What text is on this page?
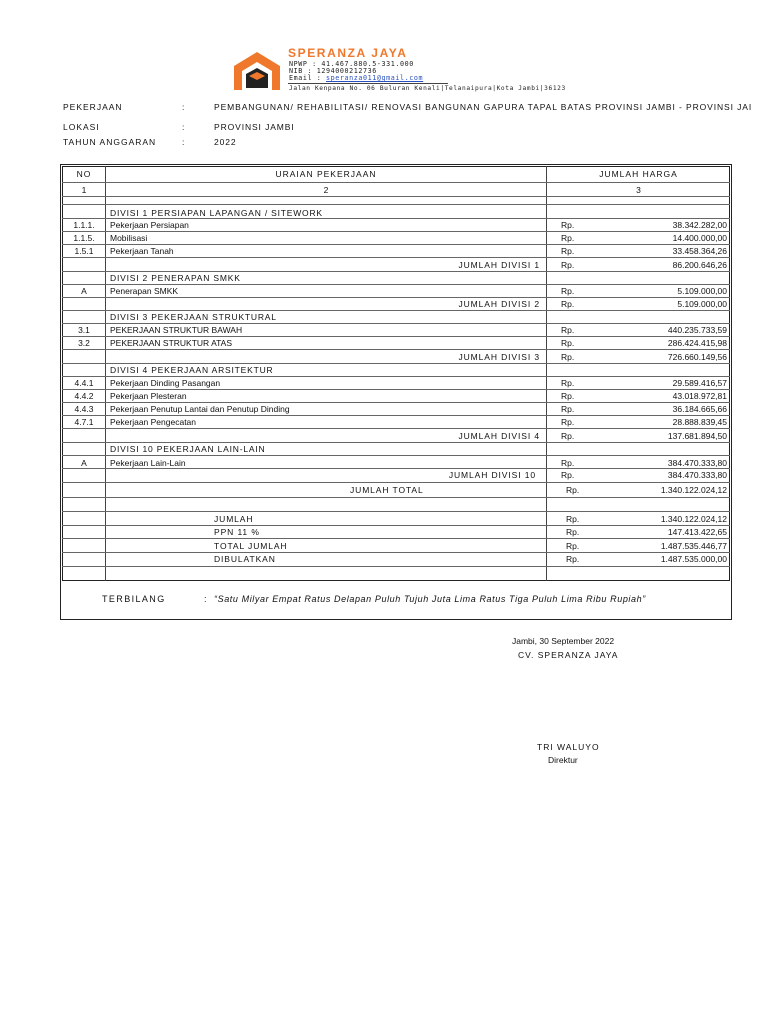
SPERANZA JAYA
NPWP : 41.467.880.5-331.000
NIB : 1294000212736
Email : speranza011@gmail.com
Jalan Kenpana No. 06 Buluran Kenali|Telanaipura|Kota Jambi|36123
PEKERJAAN	:	PEMBANGUNAN/ REHABILITASI/ RENOVASI BANGUNAN GAPURA TAPAL BATAS PROVINSI JAMBI - PROVINSI JAI
LOKASI	:	PROVINSI JAMBI
TAHUN ANGGARAN	:	2022
NO	URAIAN PEKERJAAN	JUMLAH HARGA
1	2	3
DIVISI 1 PERSIAPAN LAPANGAN / SITEWORK
1.1.1.	Pekerjaan Persiapan	Rp.	38.342.282,00
1.1.5.	Mobilisasi	Rp.	14.400.000,00
1.5.1	Pekerjaan Tanah	Rp.	33.458.364,26
JUMLAH DIVISI 1 Rp.	86.200.646,26
DIVISI 2 PENERAPAN SMKK
A	Penerapan SMKK	Rp.	5.109.000,00
JUMLAH DIVISI 2 Rp.	5.109.000,00
DIVISI 3 PEKERJAAN STRUKTURAL
3.1	PEKERJAAN STRUKTUR BAWAH	Rp.	440.235.733,59
3.2	PEKERJAAN STRUKTUR ATAS	Rp.	286.424.415,98
JUMLAH DIVISI 3 Rp.	726.660.149,56
DIVISI 4 PEKERJAAN ARSITEKTUR
4.4.1	Pekerjaan Dinding Pasangan	Rp.	29.589.416,57
4.4.2	Pekerjaan Plesteran	Rp.	43.018.972,81
4.4.3	Pekerjaan Penutup Lantai dan Penutup Dinding	Rp.	36.184.665,66
4.7.1	Pekerjaan Pengecatan	Rp.	28.888.839,45
JUMLAH DIVISI 4 Rp.	137.681.894,50
DIVISI 10 PEKERJAAN LAIN-LAIN
A	Pekerjaan Lain-Lain	Rp.	384.470.333,80
JUMLAH DIVISI 10	Rp.	384.470.333,80
JUMLAH TOTAL	Rp.	1.340.122.024,12
JUMLAH	Rp.	1.340.122.024,12
PPN 11 %	Rp.	147.413.422,65
TOTAL JUMLAH	Rp.	1.487.535.446,77
DIBULATKAN	Rp.	1.487.535.000,00
TERBILANG	: “Satu Milyar Empat Ratus Delapan Puluh Tujuh Juta Lima Ratus Tiga Puluh Lima Ribu Rupiah”
Jambi, 30 September 2022
CV. SPERANZA JAYA
TRI WALUYO
Direktur
